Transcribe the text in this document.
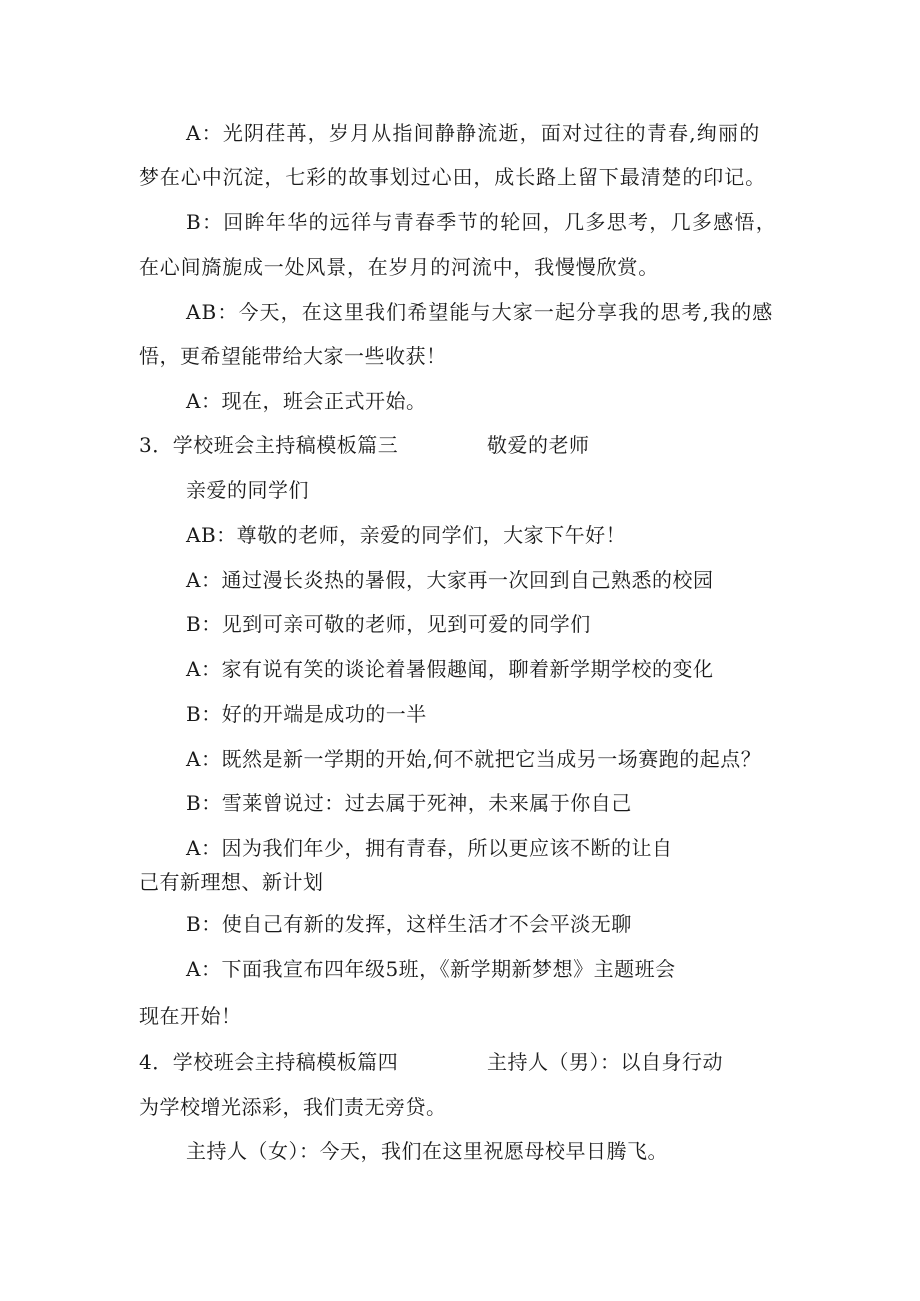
A：光阴荏苒，岁月从指间静静流逝，面对过往的青春,绚丽的
梦在心中沉淀，七彩的故事划过心田，成长路上留下最清楚的印记。
B：回眸年华的远徉与青春季节的轮回，几多思考，几多感悟，
在心间旖旎成一处风景，在岁月的河流中，我慢慢欣赏。
AB：今天，在这里我们希望能与大家一起分享我的思考,我的感
悟，更希望能带给大家一些收获！
A：现在，班会正式开始。
3．学校班会主持稿模板篇三	敬爱的老师
亲爱的同学们
AB：尊敬的老师，亲爱的同学们，大家下午好！
A：通过漫长炎热的暑假，大家再一次回到自己熟悉的校园
B：见到可亲可敬的老师，见到可爱的同学们
A：家有说有笑的谈论着暑假趣闻，聊着新学期学校的变化
B：好的开端是成功的一半
A：既然是新一学期的开始,何不就把它当成另一场赛跑的起点？
B：雪莱曾说过：过去属于死神，未来属于你自己
A：因为我们年少，拥有青春，所以更应该不断的让自
己有新理想、新计划
B：使自己有新的发挥，这样生活才不会平淡无聊
A：下面我宣布四年级5班，《新学期新梦想》主题班会
现在开始！
4．学校班会主持稿模板篇四	主持人（男）：以自身行动
为学校增光添彩，我们责无旁贷。
主持人（女）：今天，我们在这里祝愿母校早日腾飞。
